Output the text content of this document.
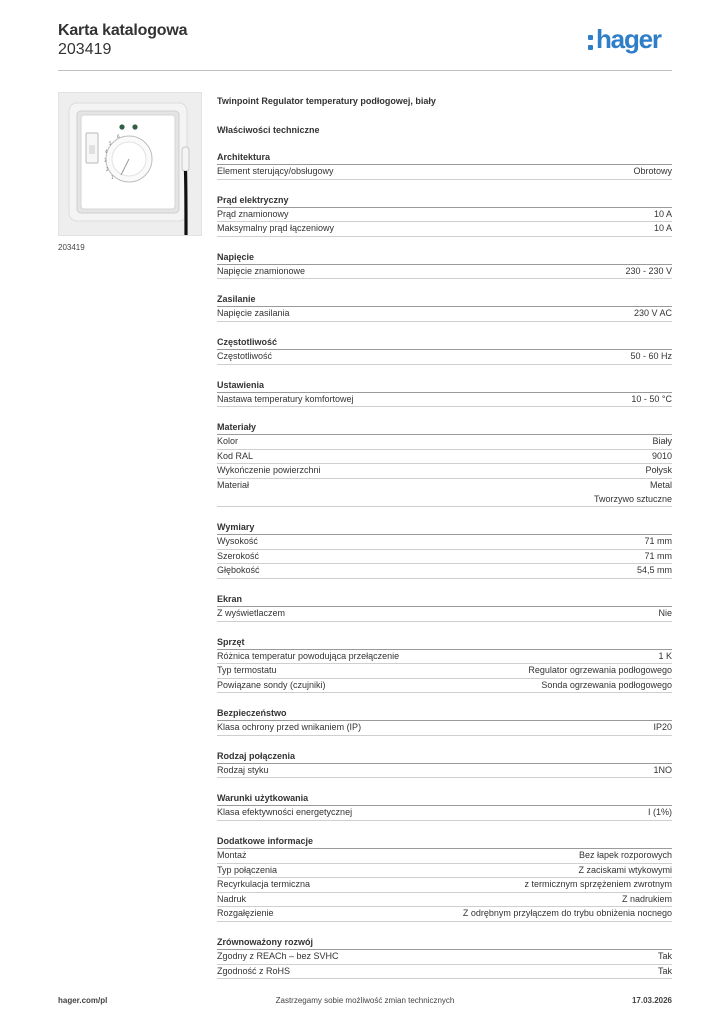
Karta katalogowa
203419	hager
6
5
4
3
2
1
203419
Twinpoint Regulator temperatury podłogowej, biały
Właściwości techniczne
Architektura
Element sterujący/obsługowy	Obrotowy
Prąd elektryczny
Prąd znamionowy	10 A
Maksymalny prąd łączeniowy	10 A
Napięcie
Napięcie znamionowe	230 - 230 V
Zasilanie
Napięcie zasilania	230 V AC
Częstotliwość
Częstotliwość	50 - 60 Hz
Ustawienia
Nastawa temperatury komfortowej	10 - 50 °C
Materiały
Kolor	Biały
Kod RAL	9010
Wykończenie powierzchni	Połysk
Materiał	Metal
Tworzywo sztuczne
Wymiary
Wysokość	71 mm
Szerokość	71 mm
Głębokość	54,5 mm
Ekran
Z wyświetlaczem	Nie
Sprzęt
Różnica temperatur powodująca przełączenie	1 K
Typ termostatu	Regulator ogrzewania podłogowego
Powiązane sondy (czujniki)	Sonda ogrzewania podłogowego
Bezpieczeństwo
Klasa ochrony przed wnikaniem (IP)	IP20
Rodzaj połączenia
Rodzaj styku	1NO
Warunki użytkowania
Klasa efektywności energetycznej	I (1%)
Dodatkowe informacje
Montaż	Bez łapek rozporowych
Typ połączenia	Z zaciskami wtykowymi
Recyrkulacja termiczna	z termicznym sprzężeniem zwrotnym
Nadruk	Z nadrukiem
Rozgałęzienie	Z odrębnym przyłączem do trybu obniżenia nocnego
Zrównoważony rozwój
Zgodny z REACh – bez SVHC	Tak
Zgodność z RoHS	Tak
Zastrzegamy sobie możliwość zmian technicznych
hager.com/pl	17.03.2026
